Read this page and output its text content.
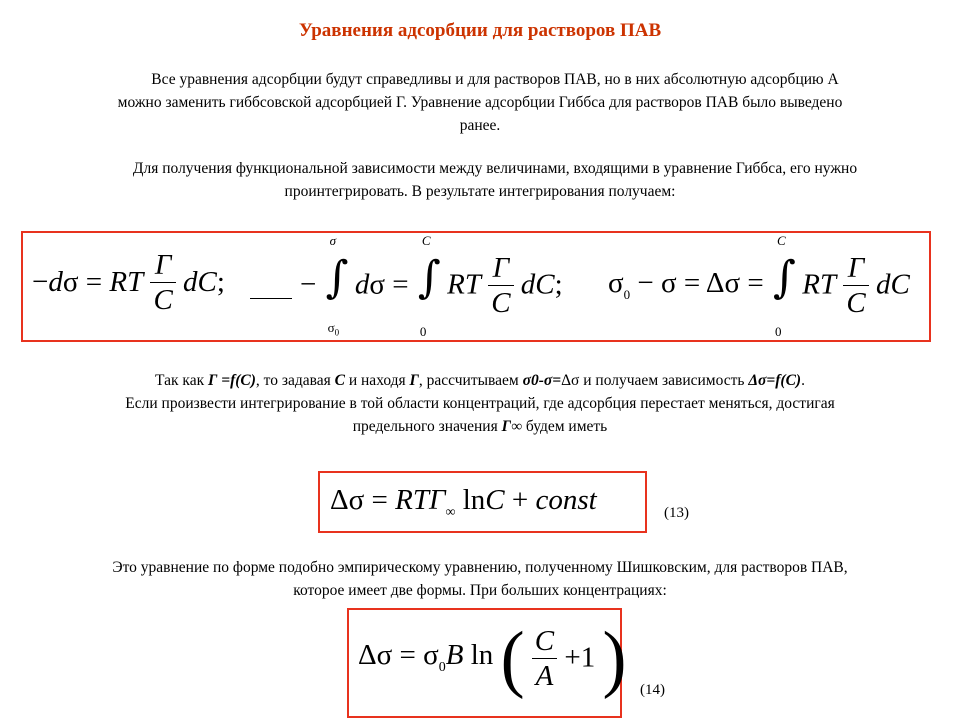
Уравнения адсорбции для растворов ПАВ
Все уравнения адсорбции будут справедливы и для растворов ПАВ, но в них абсолютную адсорбцию А
можно заменить гиббсовской адсорбцией Г. Уравнение адсорбции Гиббса для растворов ПАВ было выведено
ранее.
Для получения функциональной зависимости между величинами, входящими в уравнение Гиббса, его нужно
проинтегрировать. В результате интегрирования получаем:
−dσ = RT $\frac{\Gamma}{C}$ dC;	−
σ
∫
$\sigma_0$
dσ =
C
∫
0
RT $\frac{\Gamma}{C}$ dC; $\sigma_0 - \sigma = \Delta\sigma$ =
C
∫
0
RT $\frac{\Gamma}{C}$ dC
Так как Г =f(C), то задавая С и находя Г, рассчитываем σ0-σ=Δσ и получаем зависимость Δσ=f(C).
Если произвести интегрирование в той области концентраций, где адсорбция перестает меняться, достигая
предельного значения Г∞ будем иметь
$\Delta\sigma = RT\Gamma_\infty$ lnC + const	(13)
Это уравнение по форме подобно эмпирическому уравнению, полученному Шишковским, для растворов ПАВ,
которое имеет две формы. При больших концентрациях:
$\Delta\sigma = \sigma_0B$ ln ( $\frac{C}{A} +1$ ) (14)
